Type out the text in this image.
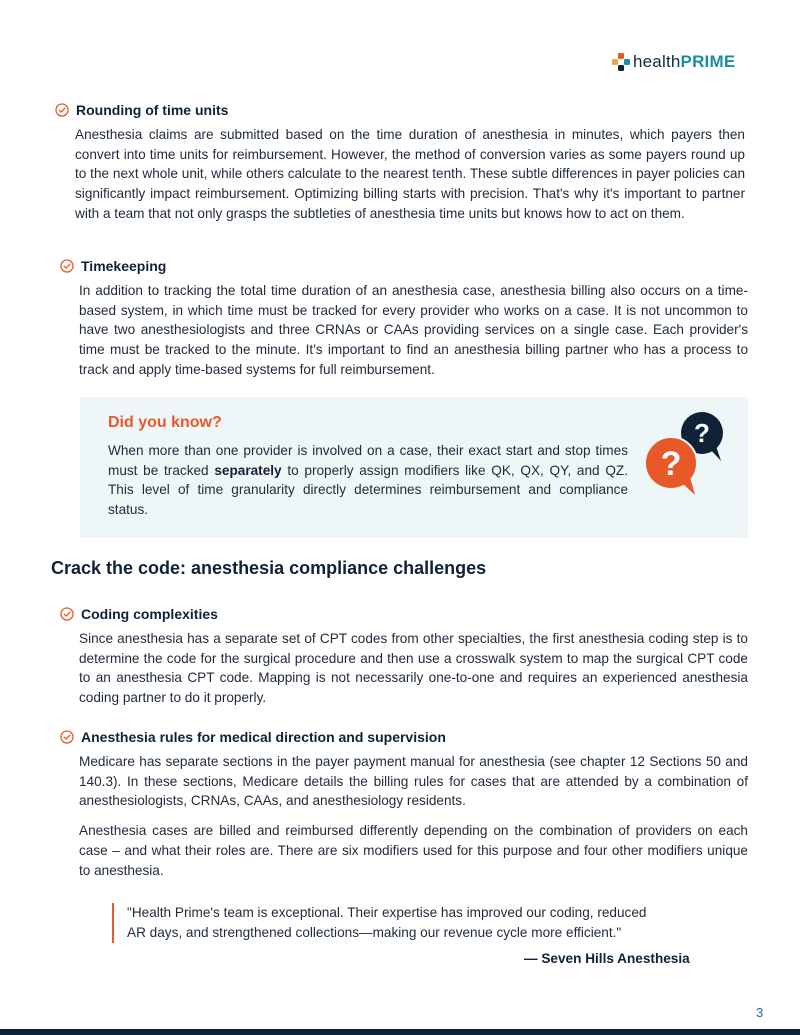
healthPRIME
Rounding of time units

Anesthesia claims are submitted based on the time duration of anesthesia in minutes, which payers then convert into time units for reimbursement. However, the method of conversion varies as some payers round up to the next whole unit, while others calculate to the nearest tenth. These subtle differences in payer policies can significantly impact reimbursement. Optimizing billing starts with precision. That's why it's important to partner with a team that not only grasps the subtleties of anesthesia time units but knows how to act on them.

Timekeeping

In addition to tracking the total time duration of an anesthesia case, anesthesia billing also occurs on a time-based system, in which time must be tracked for every provider who works on a case. It is not uncommon to have two anesthesiologists and three CRNAs or CAAs providing services on a single case. Each provider's time must be tracked to the minute. It's important to find an anesthesia billing partner who has a process to track and apply time-based systems for full reimbursement.

Did you know?

When more than one provider is involved on a case, their exact start and stop times must be tracked separately to properly assign modifiers like QK, QX, QY, and QZ. This level of time granularity directly determines reimbursement and compliance status.

?
?
Crack the code: anesthesia compliance challenges
Coding complexities

Since anesthesia has a separate set of CPT codes from other specialties, the first anesthesia coding step is to determine the code for the surgical procedure and then use a crosswalk system to map the surgical CPT code to an anesthesia CPT code. Mapping is not necessarily one-to-one and requires an experienced anesthesia coding partner to do it properly.

Anesthesia rules for medical direction and supervision

Medicare has separate sections in the payer payment manual for anesthesia (see chapter 12 Sections 50 and 140.3). In these sections, Medicare details the billing rules for cases that are attended by a combination of anesthesiologists, CRNAs, CAAs, and anesthesiology residents.

Anesthesia cases are billed and reimbursed differently depending on the combination of providers on each case – and what their roles are. There are six modifiers used for this purpose and four other modifiers unique to anesthesia.

"Health Prime's team is exceptional. Their expertise has improved our coding, reduced

AR days, and strengthened collections—making our revenue cycle more efficient."

— Seven Hills Anesthesia
3
